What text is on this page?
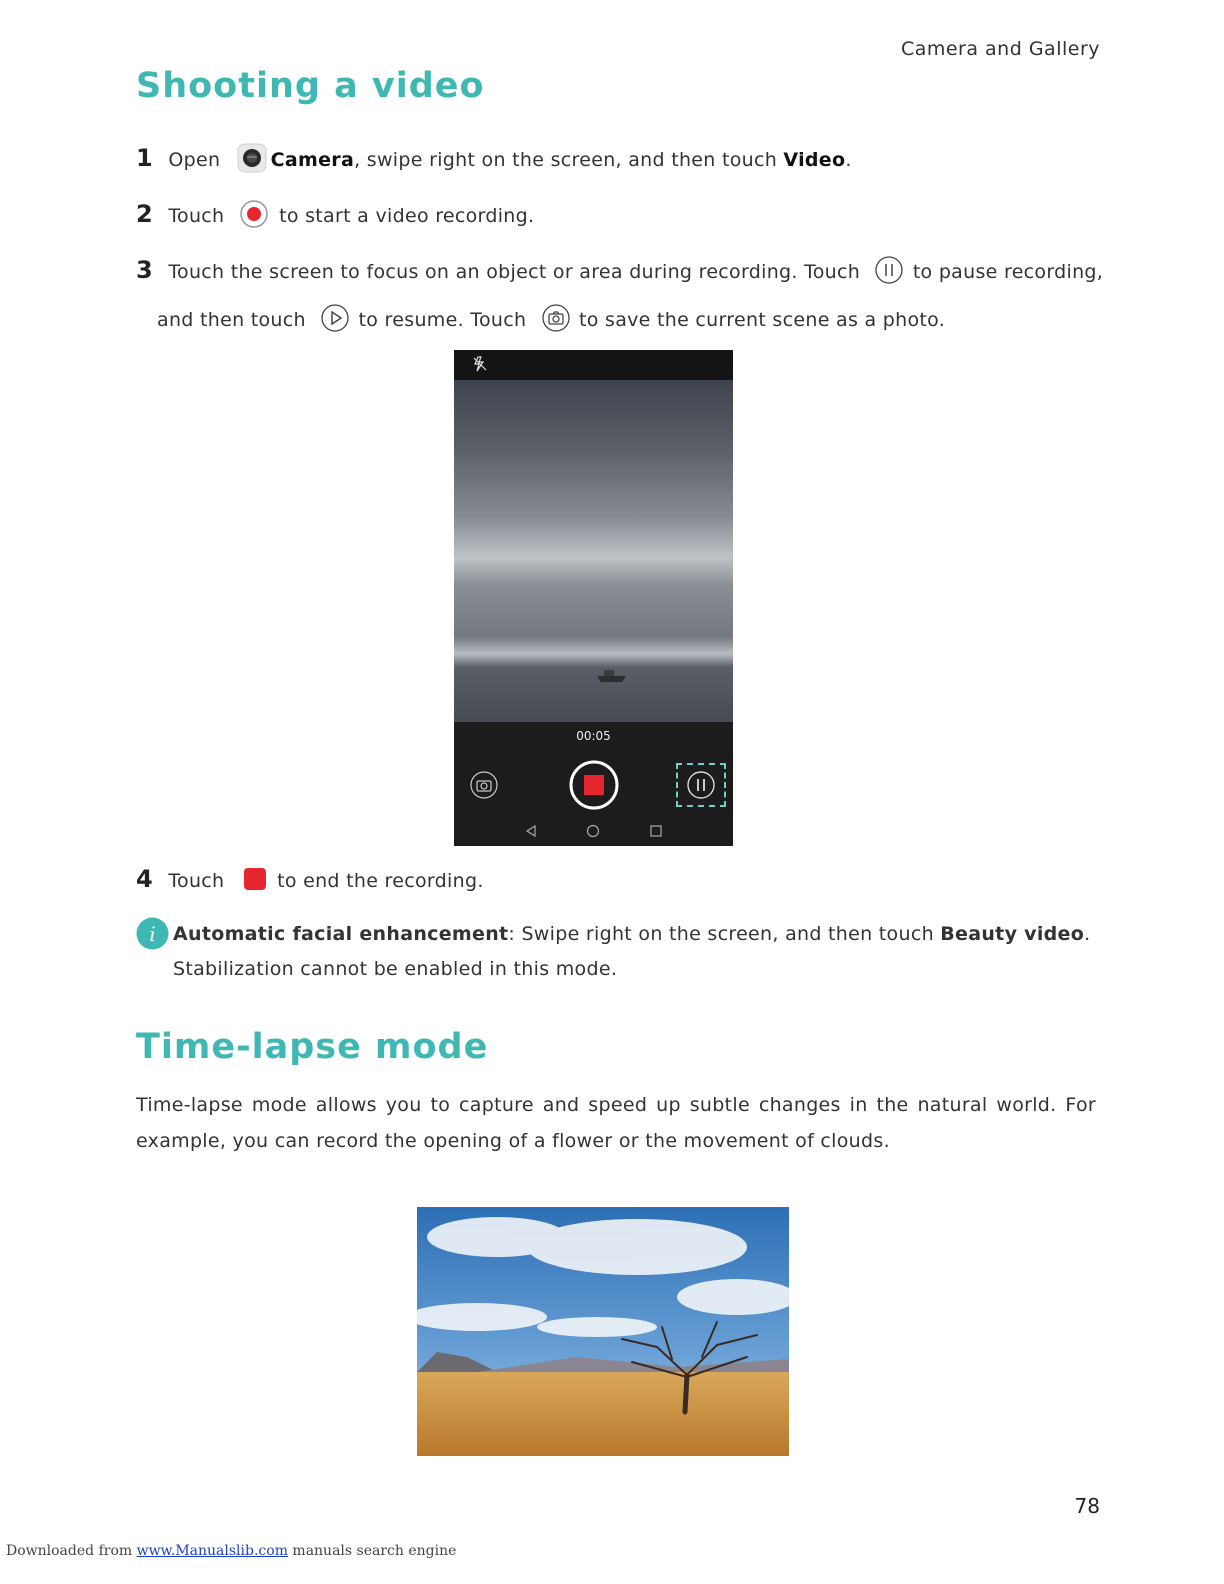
Camera and Gallery
Shooting a video
1 Open	Camera, swipe right on the screen, and then touch Video.
2 Touch	to start a video recording.
3 Touch the screen to focus on an object or area during recording. Touch	to pause recording,
and then touch	to resume. Touch	to save the current scene as a photo.
00:05
4 Touch	to end the recording.
i Automatic facial enhancement: Swipe right on the screen, and then touch Beauty video.
Stabilization cannot be enabled in this mode.
Time-lapse mode
Time-lapse mode allows you to capture and speed up subtle changes in the natural world. For example, you can record the opening of a flower or the movement of clouds.
78
Downloaded from www.Manualslib.com manuals search engine
